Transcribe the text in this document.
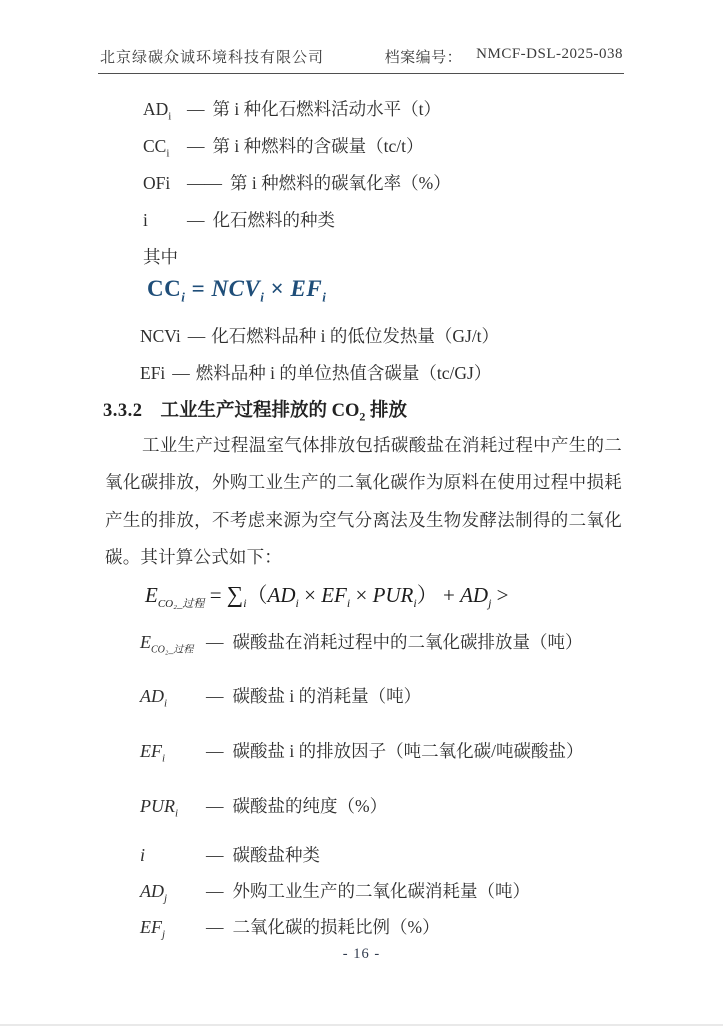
北京绿碳众诚环境科技有限公司	档案编号： NMCF-DSL-2025-038
$AD_i$ — 第 i 种化石燃料活动水平（t）
$CC_i$ — 第 i 种燃料的含碳量（tc/t）
OFi —— 第 i 种燃料的碳氧化率（%）
i — 化石燃料的种类
其中
$CC_i = NCV_i \times EF_i$
NCVi — 化石燃料品种 i 的低位发热量（GJ/t）
EFi — 燃料品种 i 的单位热值含碳量（tc/GJ）
3.3.2 工业生产过程排放的 $CO_2$ 排放
工业生产过程温室气体排放包括碳酸盐在消耗过程中产生的二氧化碳排放，外购工业生产的二氧化碳作为原料在使用过程中损耗产生的排放，不考虑来源为空气分离法及生物发酵法制得的二氧化碳。其计算公式如下：
$E_{CO_2\_过程} = \sum_i(AD_i \times EF_i \times PUR_i) + AD_j$ >
$E_{CO_2\_过程}$ — 碳酸盐在消耗过程中的二氧化碳排放量（吨）
$AD_i$ — 碳酸盐 i 的消耗量（吨）
$EF_i$ — 碳酸盐 i 的排放因子（吨二氧化碳/吨碳酸盐）
$PUR_i$ — 碳酸盐的纯度（%）
i	— 碳酸盐种类
$AD_j$ — 外购工业生产的二氧化碳消耗量（吨）
$EF_j$ — 二氧化碳的损耗比例（%）
- 16 -
